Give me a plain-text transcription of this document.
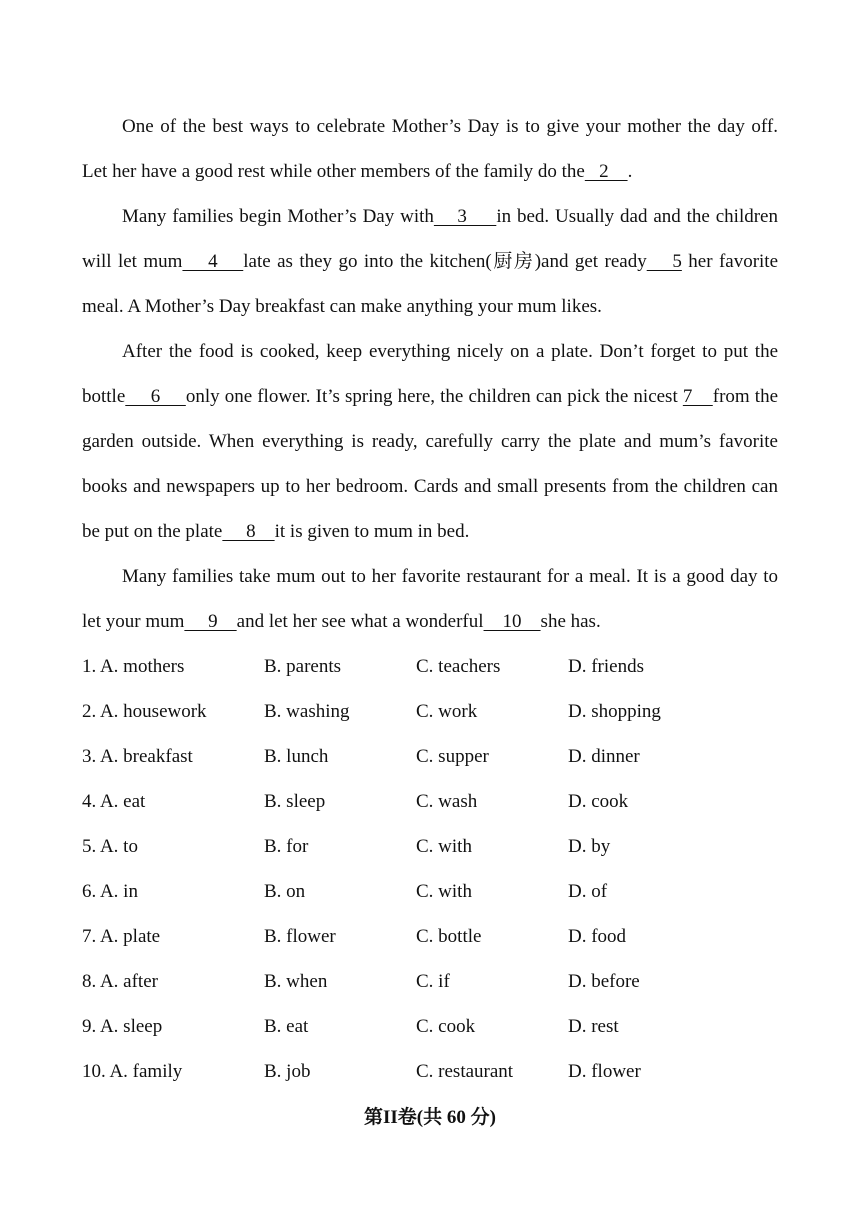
One of the best ways to celebrate Mother’s Day is to give your mother the day off. Let her have a good rest while other members of the family do the   2    .

Many families begin Mother’s Day with    3     in bed. Usually dad and the children will let mum    4    late as they go into the kitchen(厨房)and get ready    5 her favorite meal. A Mother’s Day breakfast can make anything your mum likes.

After the food is cooked, keep everything nicely on a plate. Don’t forget to put the bottle     6     only one flower. It’s spring here, the children can pick the nicest 7    from the garden outside. When everything is ready, carefully carry the plate and mum’s favorite books and newspapers up to her bedroom. Cards and small presents from the children can be put on the plate     8    it is given to mum in bed.

Many families take mum out to her favorite restaurant for a meal. It is a good day to let your mum     9    and let her see what a wonderful    10    she has.

1. A. mothers	B. parents	C. teachers	D. friends
2. A. housework	B. washing	C. work	D. shopping
3. A. breakfast	B. lunch	C. supper	D. dinner
4. A. eat	B. sleep	C. wash	D. cook
5. A. to	B. for	C. with	D. by
6. A. in	B. on	C. with	D. of
7. A. plate	B. flower	C. bottle	D. food
8. A. after	B. when	C. if	D. before
9. A. sleep	B. eat	C. cook	D. rest
10. A. family	B. job	C. restaurant	D. flower
第II卷(共 60 分)
